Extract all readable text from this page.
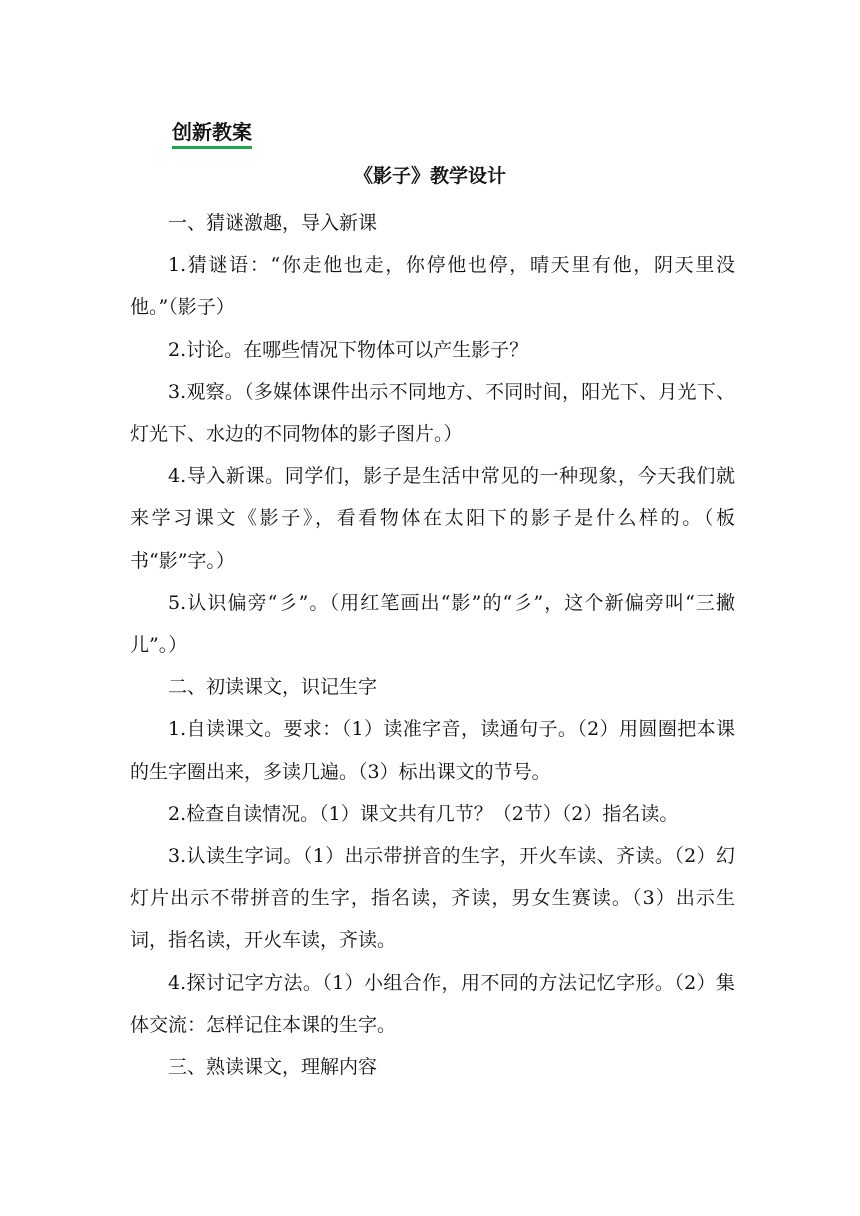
创新教案
《影子》教学设计

一、猜谜激趣，导入新课

1.猜谜语：“你走他也走，你停他也停，晴天里有他，阴天里没他。”（影子）

2.讨论。在哪些情况下物体可以产生影子？

3.观察。（多媒体课件出示不同地方、不同时间，阳光下、月光下、灯光下、水边的不同物体的影子图片。）

4.导入新课。同学们，影子是生活中常见的一种现象，今天我们就来学习课文《影子》，看看物体在太阳下的影子是什么样的。（板书“影”字。）

5.认识偏旁“彡”。（用红笔画出“影”的“彡”，这个新偏旁叫“三撇儿”。）

二、初读课文，识记生字

1.自读课文。要求：（1）读准字音，读通句子。（2）用圆圈把本课的生字圈出来，多读几遍。（3）标出课文的节号。

2.检查自读情况。（1）课文共有几节？（2节）（2）指名读。

3.认读生字词。（1）出示带拼音的生字，开火车读、齐读。（2）幻灯片出示不带拼音的生字，指名读，齐读，男女生赛读。（3）出示生词，指名读，开火车读，齐读。

4.探讨记字方法。（1）小组合作，用不同的方法记忆字形。（2）集体交流：怎样记住本课的生字。

三、熟读课文，理解内容
